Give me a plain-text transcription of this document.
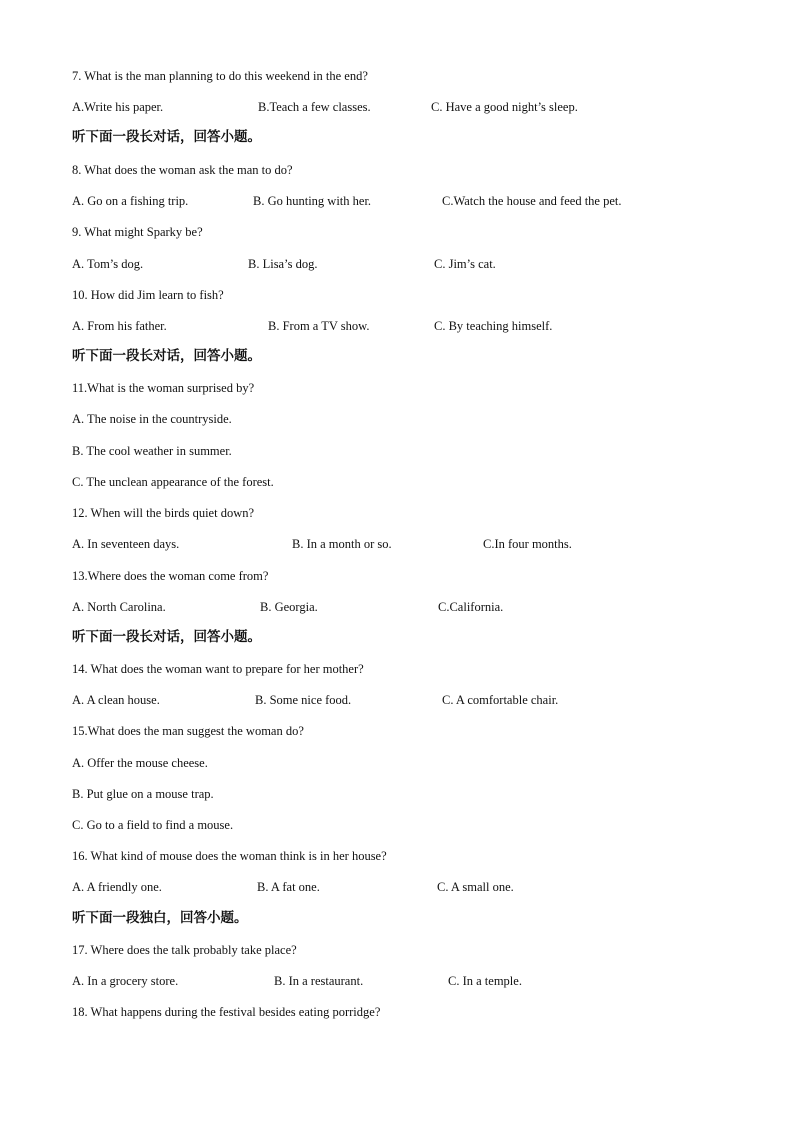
7. What is the man planning to do this weekend in the end?
A.Write his paper.	B.Teach a few classes.	C. Have a good night’s sleep.
听下面一段长对话，回答小题。
8. What does the woman ask the man to do?
A. Go on a fishing trip.	B. Go hunting with her.	C.Watch the house and feed the pet.
9. What might Sparky be?
A. Tom’s dog.	B. Lisa’s dog.	C. Jim’s cat.
10. How did Jim learn to fish?
A. From his father.	B. From a TV show.	C. By teaching himself.
听下面一段长对话，回答小题。
11.What is the woman surprised by?
A. The noise in the countryside.
B. The cool weather in summer.
C. The unclean appearance of the forest.
12. When will the birds quiet down?
A. In seventeen days.	B. In a month or so.	C.In four months.
13.Where does the woman come from?
A. North Carolina.	B. Georgia.	C.California.
听下面一段长对话，回答小题。
14. What does the woman want to prepare for her mother?
A. A clean house.	B. Some nice food.	C. A comfortable chair.
15.What does the man suggest the woman do?
A. Offer the mouse cheese.
B. Put glue on a mouse trap.
C. Go to a field to find a mouse.
16. What kind of mouse does the woman think is in her house?
A. A friendly one.	B. A fat one.	C. A small one.
听下面一段独白，回答小题。
17. Where does the talk probably take place?
A. In a grocery store.	B. In a restaurant.	C. In a temple.
18. What happens during the festival besides eating porridge?
